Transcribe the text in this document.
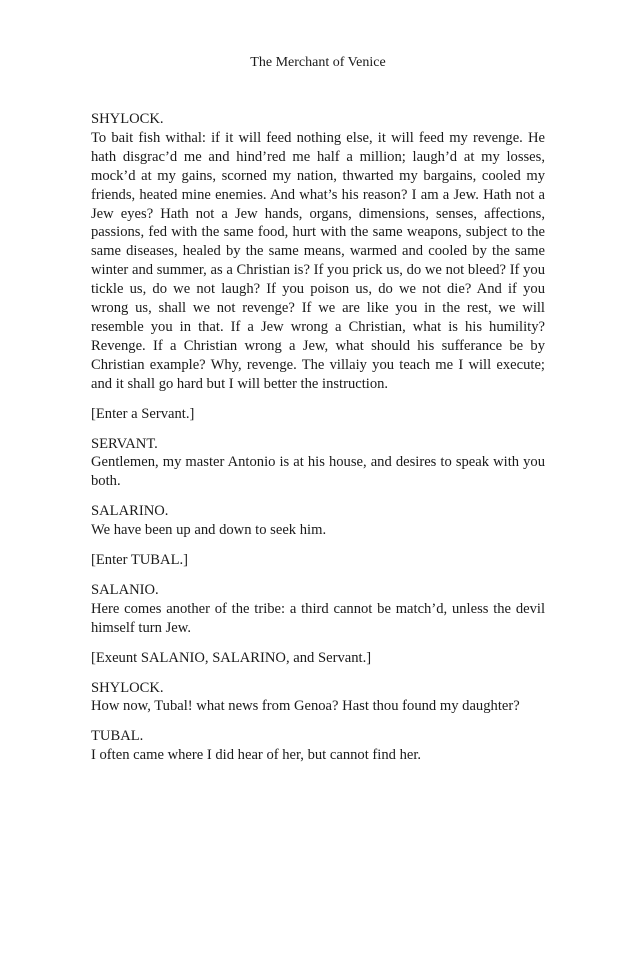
The Merchant of Venice
SHYLOCK.
To bait fish withal: if it will feed nothing else, it will feed my revenge. He hath disgrac’d me and hind’red me half a million; laugh’d at my losses, mock’d at my gains, scorned my nation, thwarted my bargains, cooled my friends, heated mine enemies. And what’s his reason? I am a Jew. Hath not a Jew eyes? Hath not a Jew hands, organs, dimensions, senses, affections, passions, fed with the same food, hurt with the same weapons, subject to the same diseases, healed by the same means, warmed and cooled by the same winter and summer, as a Christian is? If you prick us, do we not bleed? If you tickle us, do we not laugh? If you poison us, do we not die? And if you wrong us, shall we not revenge? If we are like you in the rest, we will resemble you in that. If a Jew wrong a Christian, what is his humility? Revenge. If a Christian wrong a Jew, what should his sufferance be by Christian example? Why, revenge. The villaiy you teach me I will execute; and it shall go hard but I will better the instruction.
[Enter a Servant.]
SERVANT.
Gentlemen, my master Antonio is at his house, and desires to speak with you both.
SALARINO.
We have been up and down to seek him.
[Enter TUBAL.]
SALANIO.
Here comes another of the tribe: a third cannot be match’d, unless the devil himself turn Jew.
[Exeunt SALANIO, SALARINO, and Servant.]
SHYLOCK.
How now, Tubal! what news from Genoa? Hast thou found my daughter?
TUBAL.
I often came where I did hear of her, but cannot find her.
